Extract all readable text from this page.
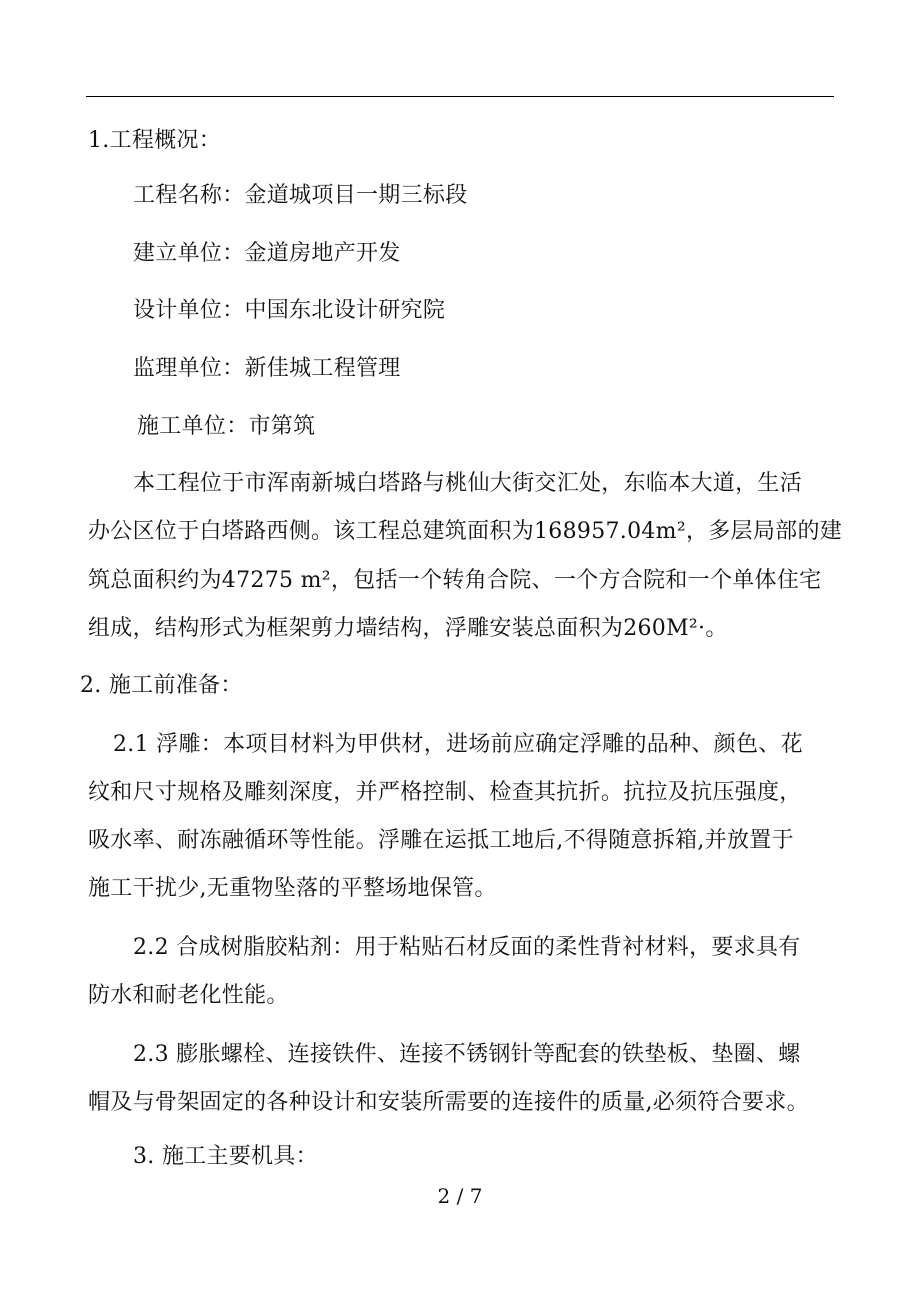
1.工程概况：
工程名称：金道城项目一期三标段
建立单位：金道房地产开发
设计单位：中国东北设计研究院
监理单位：新佳城工程管理
施工单位：市第筑
本工程位于市浑南新城白塔路与桃仙大街交汇处，东临本大道，生活
办公区位于白塔路西侧。该工程总建筑面积为168957.04m²，多层局部的建
筑总面积约为47275 m²，包括一个转角合院、一个方合院和一个单体住宅
组成，结构形式为框架剪力墙结构，浮雕安装总面积为260M²·。
2. 施工前准备：
2.1 浮雕：本项目材料为甲供材，进场前应确定浮雕的品种、颜色、花
纹和尺寸规格及雕刻深度，并严格控制、检查其抗折。抗拉及抗压强度，
吸水率、耐冻融循环等性能。浮雕在运抵工地后,不得随意拆箱,并放置于
施工干扰少,无重物坠落的平整场地保管。
2.2 合成树脂胶粘剂：用于粘贴石材反面的柔性背衬材料，要求具有
防水和耐老化性能。
2.3 膨胀螺栓、连接铁件、连接不锈钢针等配套的铁垫板、垫圈、螺
帽及与骨架固定的各种设计和安装所需要的连接件的质量,必须符合要求。
3. 施工主要机具：
2 / 7
